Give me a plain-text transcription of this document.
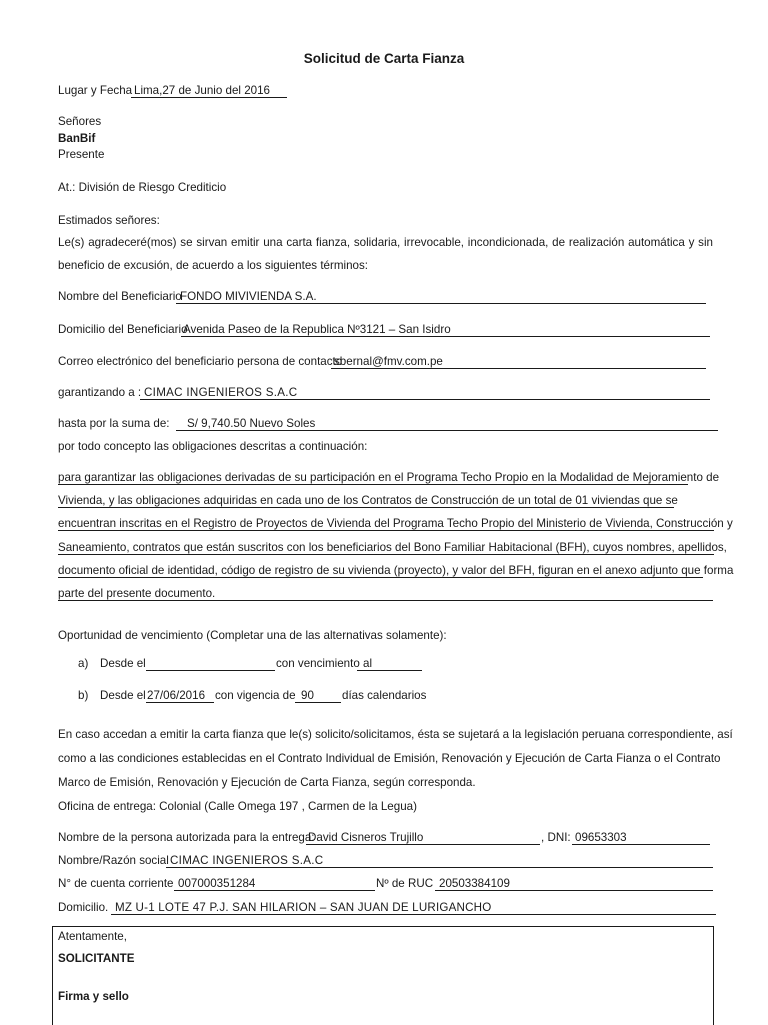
Solicitud de Carta Fianza
Lugar y Fecha Lima,27 de Junio del 2016
Señores
BanBif
Presente
At.: División de Riesgo Crediticio
Estimados señores:
Le(s) agradeceré(mos) se sirvan emitir una carta fianza, solidaria, irrevocable, incondicionada, de realización automática y sin
beneficio de excusión, de acuerdo a los siguientes términos:
Nombre del Beneficiario
FONDO MIVIVIENDA S.A.
Domicilio del Beneficiario
Avenida Paseo de la Republica Nº3121 – San Isidro
Correo electrónico del beneficiario persona de contacto
sbernal@fmv.com.pe
garantizando a : CIMAC INGENIEROS S.A.C
hasta por la suma de: S/ 9,740.50 Nuevo Soles
por todo concepto las obligaciones descritas a continuación:
para garantizar las obligaciones derivadas de su participación en el Programa Techo Propio en la Modalidad de Mejoramiento de
Vivienda, y las obligaciones adquiridas en cada uno de los Contratos de Construcción de un total de 01 viviendas que se
encuentran inscritas en el Registro de Proyectos de Vivienda del Programa Techo Propio del Ministerio de Vivienda, Construcción y
Saneamiento, contratos que están suscritos con los beneficiarios del Bono Familiar Habitacional (BFH), cuyos nombres, apellidos,
documento oficial de identidad, código de registro de su vivienda (proyecto), y valor del BFH, figuran en el anexo adjunto que forma
parte del presente documento.
Oportunidad de vencimiento (Completar una de las alternativas solamente):
a) Desde el	con vencimiento al
b) Desde el 27/06/2016 con vigencia de 90 días calendarios
En caso accedan a emitir la carta fianza que le(s) solicito/solicitamos, ésta se sujetará a la legislación peruana correspondiente, así
como a las condiciones establecidas en el Contrato Individual de Emisión, Renovación y Ejecución de Carta Fianza o el Contrato
Marco de Emisión, Renovación y Ejecución de Carta Fianza, según corresponda.
Oficina de entrega: Colonial (Calle Omega 197 , Carmen de la Legua)
Nombre de la persona autorizada para la entrega:
David Cisneros Trujillo	, DNI: 09653303
Nombre/Razón social CIMAC INGENIEROS S.A.C
N° de cuenta corriente 007000351284	Nº de RUC 20503384109
Domicilio. MZ U-1 LOTE 47 P.J. SAN HILARION – SAN JUAN DE LURIGANCHO
Atentamente,
SOLICITANTE
Firma y sello
